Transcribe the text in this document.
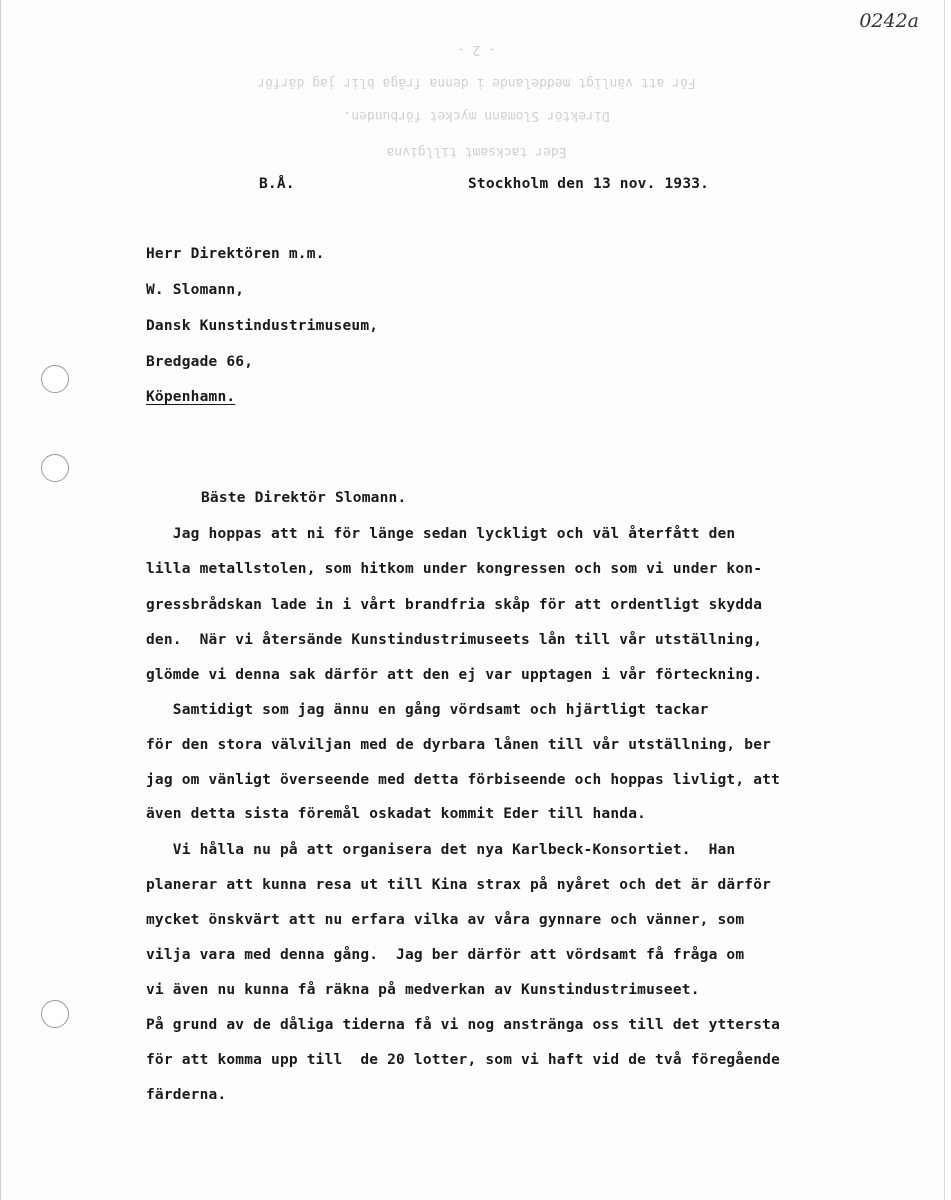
- 2 -
För att vänligt meddelande i denna fråga blir jag därför
Direktör Slomann mycket förbunden.
Eder tacksamt tillgivna
0242a
B.Å.	Stockholm den 13 nov. 1933.
Herr Direktören m.m.
W. Slomann,
Dansk Kunstindustrimuseum,
Bredgade 66,
Köpenhamn.
Bäste Direktör Slomann.
Jag hoppas att ni för länge sedan lyckligt och väl återfått den
lilla metallstolen, som hitkom under kongressen och som vi under kon-
gressbrådskan lade in i vårt brandfria skåp för att ordentligt skydda
den.  När vi återsände Kunstindustrimuseets lån till vår utställning,
glömde vi denna sak därför att den ej var upptagen i vår förteckning.
Samtidigt som jag ännu en gång vördsamt och hjärtligt tackar
för den stora välviljan med de dyrbara lånen till vår utställning, ber
jag om vänligt överseende med detta förbiseende och hoppas livligt, att
även detta sista föremål oskadat kommit Eder till handa.
Vi hålla nu på att organisera det nya Karlbeck-Konsortiet.  Han
planerar att kunna resa ut till Kina strax på nyåret och det är därför
mycket önskvärt att nu erfara vilka av våra gynnare och vänner, som
vilja vara med denna gång.  Jag ber därför att vördsamt få fråga om
vi även nu kunna få räkna på medverkan av Kunstindustrimuseet.
På grund av de dåliga tiderna få vi nog anstränga oss till det yttersta
för att komma upp till  de 20 lotter, som vi haft vid de två föregående
färderna.
